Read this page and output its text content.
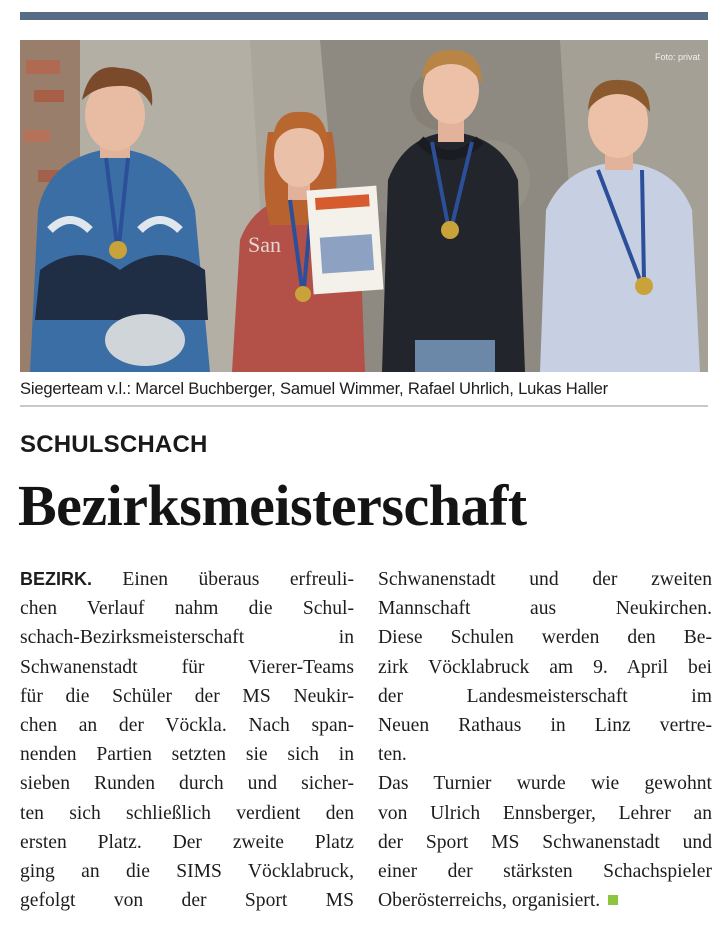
San
Foto: privat
Siegerteam v.l.: Marcel Buchberger, Samuel Wimmer, Rafael Uhrlich, Lukas Haller
SCHULSCHACH
Bezirksmeisterschaft
BEZIRK. Einen überaus erfreuli-
chen Verlauf nahm die Schul-
schach-Bezirksmeisterschaft in
Schwanenstadt für Vierer-Teams
für die Schüler der MS Neukir-
chen an der Vöckla. Nach span-
nenden Partien setzten sie sich in
sieben Runden durch und sicher-
ten sich schließlich verdient den
ersten Platz. Der zweite Platz
ging an die SIMS Vöcklabruck,
gefolgt von der Sport MS
Schwanenstadt und der zweiten
Mannschaft aus Neukirchen.
Diese Schulen werden den Be-
zirk Vöcklabruck am 9. April bei
der Landesmeisterschaft im
Neuen Rathaus in Linz vertre-
ten.
Das Turnier wurde wie gewohnt
von Ulrich Ennsberger, Lehrer an
der Sport MS Schwanenstadt und
einer der stärksten Schachspieler
Oberösterreichs, organisiert.
